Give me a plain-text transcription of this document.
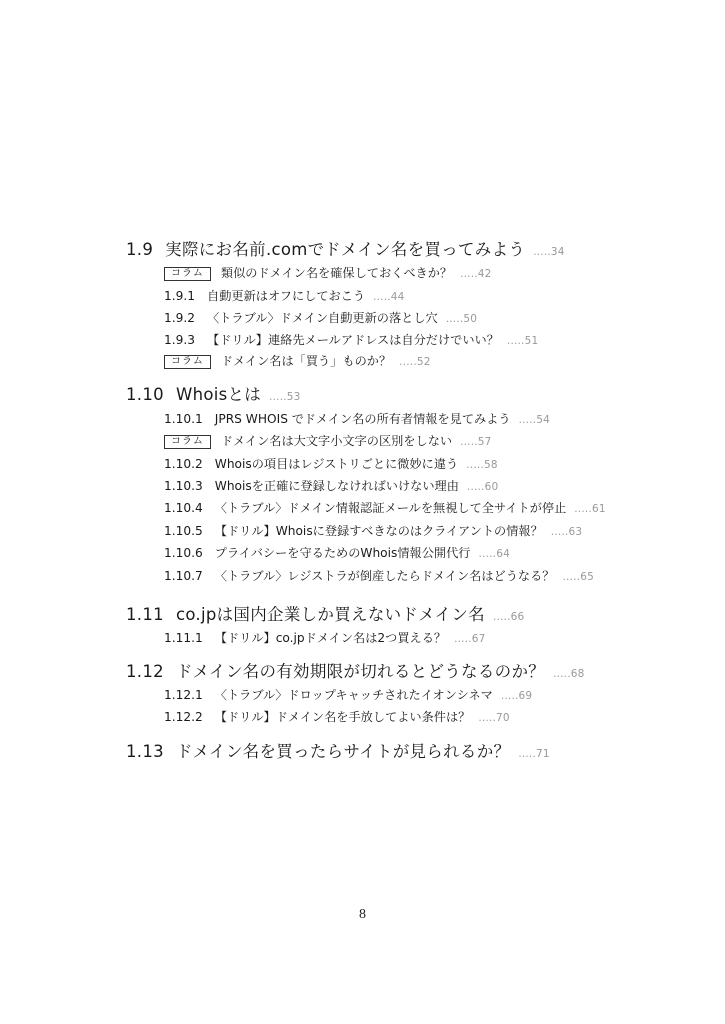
1.9 実際にお名前.comでドメイン名を買ってみよう .....34
コラム	類似のドメイン名を確保しておくべきか？ .....42
1.9.1 自動更新はオフにしておこう .....44
1.9.2 〈トラブル〉ドメイン自動更新の落とし穴 .....50
1.9.3 【ドリル】連絡先メールアドレスは自分だけでいい？ .....51
コラム	ドメイン名は「買う」ものか？ .....52
1.10 Whoisとは .....53
1.10.1 JPRS WHOIS でドメイン名の所有者情報を見てみよう .....54
コラム	ドメイン名は大文字小文字の区別をしない .....57
1.10.2 Whoisの項目はレジストリごとに微妙に違う .....58
1.10.3 Whoisを正確に登録しなければいけない理由 .....60
1.10.4 〈トラブル〉ドメイン情報認証メールを無視して全サイトが停止 .....61
1.10.5 【ドリル】Whoisに登録すべきなのはクライアントの情報？ .....63
1.10.6 プライバシーを守るためのWhois情報公開代行 .....64
1.10.7 〈トラブル〉レジストラが倒産したらドメイン名はどうなる？ .....65
1.11 co.jpは国内企業しか買えないドメイン名 .....66
1.11.1 【ドリル】co.jpドメイン名は2つ買える？ .....67
1.12 ドメイン名の有効期限が切れるとどうなるのか？ .....68
1.12.1 〈トラブル〉ドロップキャッチされたイオンシネマ .....69
1.12.2 【ドリル】ドメイン名を手放してよい条件は？ .....70
1.13 ドメイン名を買ったらサイトが見られるか？ .....71
8
